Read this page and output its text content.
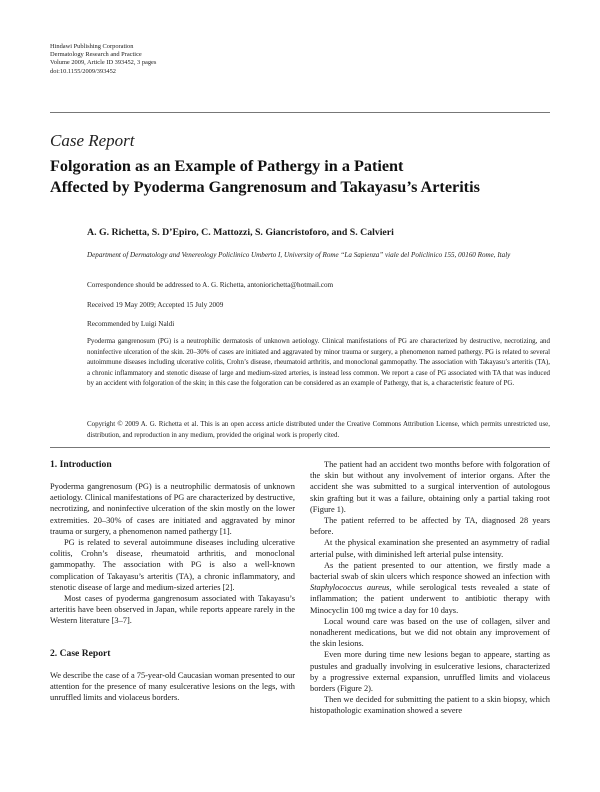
Hindawi Publishing Corporation
Dermatology Research and Practice
Volume 2009, Article ID 393452, 3 pages
doi:10.1155/2009/393452
Case Report
Folgoration as an Example of Pathergy in a Patient
Affected by Pyoderma Gangrenosum and Takayasu’s Arteritis
A. G. Richetta, S. D’Epiro, C. Mattozzi, S. Giancristoforo, and S. Calvieri
Department of Dermatology and Venereology Policlinico Umberto I, University of Rome “La Sapienza” viale del Policlinico 155, 00160 Rome, Italy
Correspondence should be addressed to A. G. Richetta, antoniorichetta@hotmail.com
Received 19 May 2009; Accepted 15 July 2009
Recommended by Luigi Naldi
Pyoderma gangrenosum (PG) is a neutrophilic dermatosis of unknown aetiology. Clinical manifestations of PG are characterized by destructive, necrotizing, and noninfective ulceration of the skin. 20–30% of cases are initiated and aggravated by minor trauma or surgery, a phenomenon named pathergy. PG is related to several autoimmune diseases including ulcerative colitis, Crohn’s disease, rheumatoid arthritis, and monoclonal gammopathy. The association with Takayasu’s arteritis (TA), a chronic inflammatory and stenotic disease of large and medium-sized arteries, is instead less common. We report a case of PG associated with TA that was induced by an accident with folgoration of the skin; in this case the folgoration can be considered as an example of Pathergy, that is, a characteristic feature of PG.
Copyright © 2009 A. G. Richetta et al. This is an open access article distributed under the Creative Commons Attribution License, which permits unrestricted use, distribution, and reproduction in any medium, provided the original work is properly cited.
1. Introduction

Pyoderma gangrenosum (PG) is a neutrophilic dermatosis of unknown aetiology. Clinical manifestations of PG are characterized by destructive, necrotizing, and noninfective ulceration of the skin mostly on the lower extremities. 20–30% of cases are initiated and aggravated by minor trauma or surgery, a phenomenon named pathergy [1].

PG is related to several autoimmune diseases including ulcerative colitis, Crohn’s disease, rheumatoid arthritis, and monoclonal gammopathy. The association with PG is also a well-known complication of Takayasu’s arteritis (TA), a chronic inflammatory, and stenotic disease of large and medium-sized arteries [2].

Most cases of pyoderma gangrenosum associated with Takayasu’s arteritis have been observed in Japan, while reports appeare rarely in the Western literature [3–7].

2. Case Report

We describe the case of a 75-year-old Caucasian woman presented to our attention for the presence of many esulcerative lesions on the legs, with unruffled limits and violaceus borders.

The patient had an accident two months before with folgoration of the skin but without any involvement of interior organs. After the accident she was submitted to a surgical intervention of autologous skin grafting but it was a failure, obtaining only a partial taking root (Figure 1).

The patient referred to be affected by TA, diagnosed 28 years before.

At the physical examination she presented an asymmetry of radial arterial pulse, with diminished left arterial pulse intensity.

As the patient presented to our attention, we firstly made a bacterial swab of skin ulcers which responce showed an infection with Staphylococcus aureus, while serological tests revealed a state of inflammation; the patient underwent to antibiotic therapy with Minocyclin 100 mg twice a day for 10 days.

Local wound care was based on the use of collagen, silver and nonadherent medications, but we did not obtain any improvement of the skin lesions.

Even more during time new lesions began to appeare, starting as pustules and gradually involving in esulcerative lesions, characterized by a progressive external expansion, unruffled limits and violaceus borders (Figure 2).

Then we decided for submitting the patient to a skin biopsy, which histopathologic examination showed a severe
